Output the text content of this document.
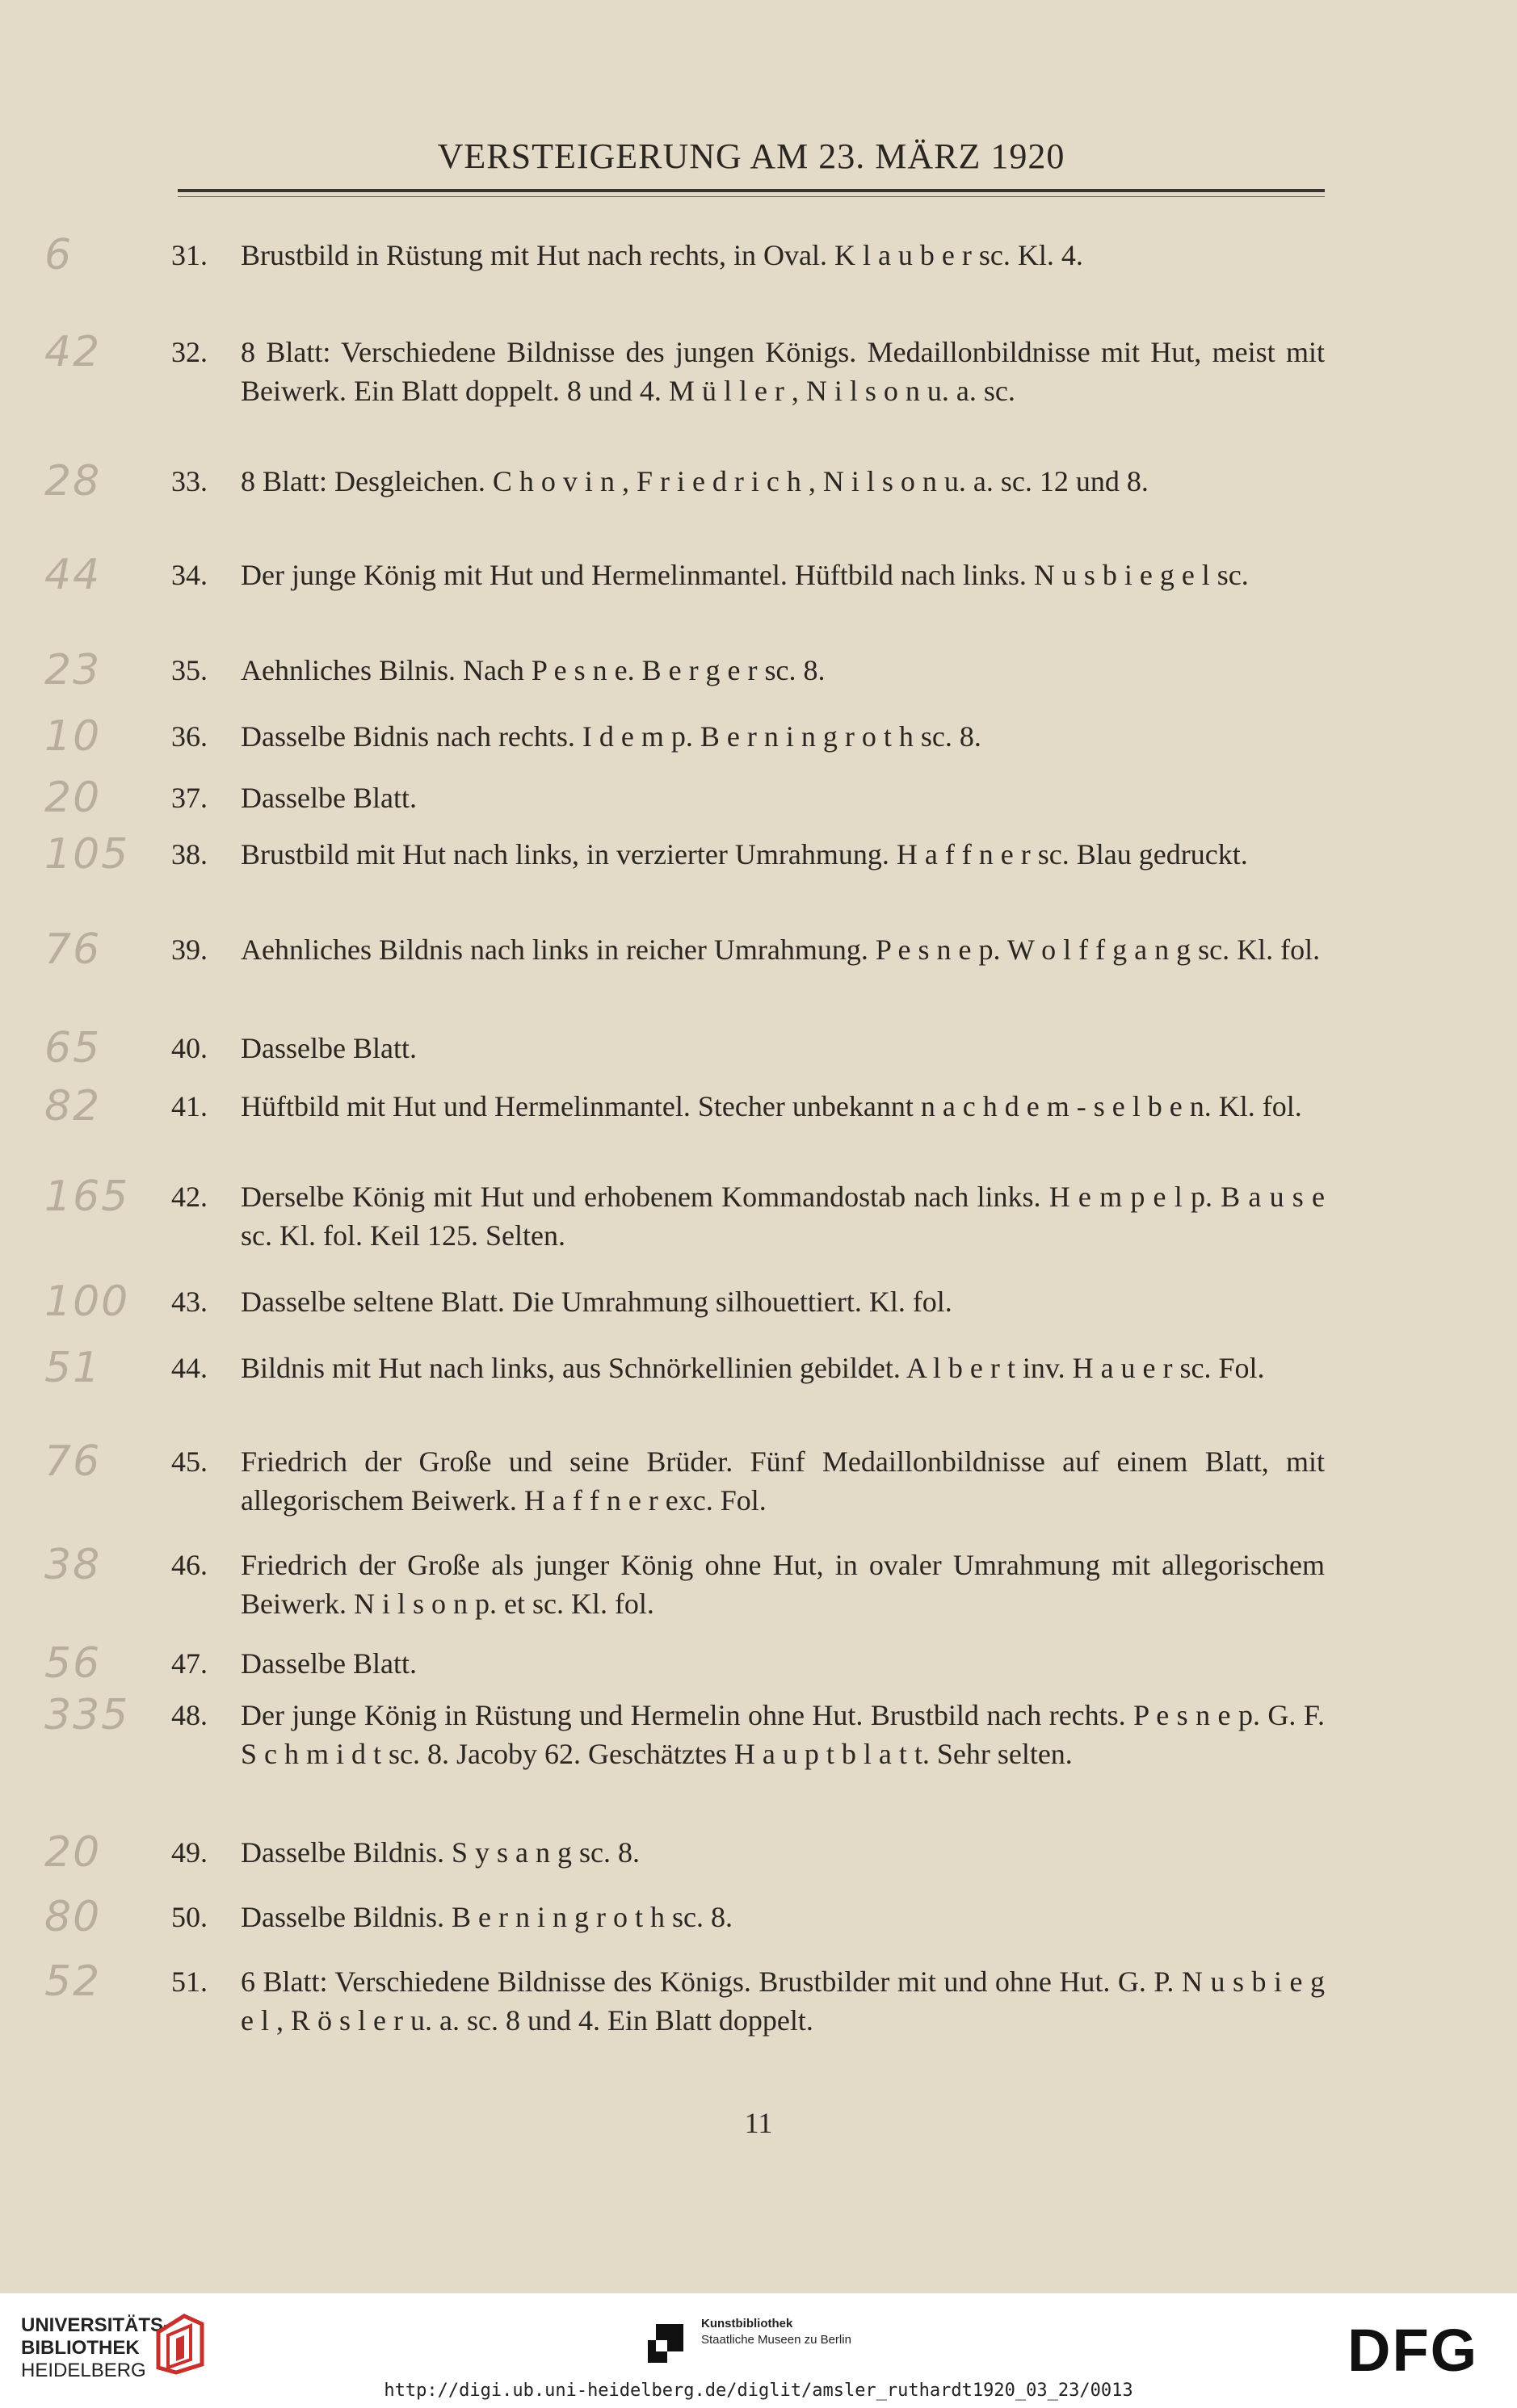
VERSTEIGERUNG AM 23. MÄRZ 1920
6	31.	Brustbild in Rüstung mit Hut nach rechts, in Oval. K l a u b e r sc. Kl. 4.
42	32.	8 Blatt: Verschiedene Bildnisse des jungen Königs. Medaillonbildnisse mit Hut, meist mit Beiwerk. Ein Blatt doppelt. 8 und 4. M ü l l e r , N i l s o n u. a. sc.
28	33.	8 Blatt: Desgleichen. C h o v i n , F r i e d r i c h , N i l s o n u. a. sc. 12 und 8.
44	34.	Der junge König mit Hut und Hermelinmantel. Hüftbild nach links. N u s b i e g e l sc.
23	35.	Aehnliches Bilnis. Nach P e s n e. B e r g e r sc. 8.
10	36.	Dasselbe Bidnis nach rechts. I d e m p. B e r n i n g r o t h sc. 8.
20	37.	Dasselbe Blatt.
105	38.	Brustbild mit Hut nach links, in verzierter Umrahmung. H a f f n e r sc. Blau gedruckt.
76	39.	Aehnliches Bildnis nach links in reicher Umrahmung. P e s n e p. W o l f f g a n g sc. Kl. fol.
65	40.	Dasselbe Blatt.
82	41.	Hüftbild mit Hut und Hermelinmantel. Stecher unbekannt n a c h d e m - s e l b e n. Kl. fol.
165	42.	Derselbe König mit Hut und erhobenem Kommandostab nach links. H e m p e l p. B a u s e sc. Kl. fol. Keil 125. Selten.
100	43.	Dasselbe seltene Blatt. Die Umrahmung silhouettiert. Kl. fol.
51	44.	Bildnis mit Hut nach links, aus Schnörkellinien gebildet. A l b e r t inv. H a u e r sc. Fol.
76	45.	Friedrich der Große und seine Brüder. Fünf Medaillonbildnisse auf einem Blatt, mit allegorischem Beiwerk. H a f f n e r exc. Fol.
38	46.	Friedrich der Große als junger König ohne Hut, in ovaler Umrahmung mit allegorischem Beiwerk. N i l s o n p. et sc. Kl. fol.
56	47.	Dasselbe Blatt.
335	48.	Der junge König in Rüstung und Hermelin ohne Hut. Brustbild nach rechts. P e s n e p. G. F. S c h m i d t sc. 8. Jacoby 62. Geschätztes H a u p t b l a t t. Sehr selten.
20	49.	Dasselbe Bildnis. S y s a n g sc. 8.
80	50.	Dasselbe Bildnis. B e r n i n g r o t h sc. 8.
52	51.	6 Blatt: Verschiedene Bildnisse des Königs. Brustbilder mit und ohne Hut. G. P. N u s b i e g e l , R ö s l e r u. a. sc. 8 und 4. Ein Blatt doppelt.
11
UNIVERSITÄTS-
BIBLIOTHEK
HEIDELBERG
Kunstbibliothek
Staatliche Museen zu Berlin	DFG
http://digi.ub.uni-heidelberg.de/diglit/amsler_ruthardt1920_03_23/0013
